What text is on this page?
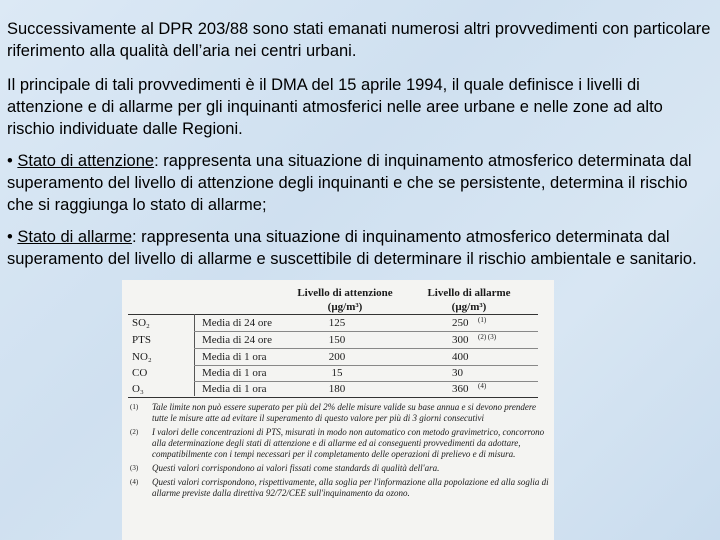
Successivamente al DPR 203/88 sono stati emanati numerosi altri provvedimenti con particolare riferimento alla qualità dell’aria nei centri urbani.
Il principale di tali provvedimenti è il DMA del 15 aprile 1994, il quale definisce i livelli di attenzione e di allarme per gli inquinanti atmosferici nelle aree urbane e nelle zone ad alto rischio individuate dalle Regioni.
• Stato di attenzione: rappresenta una situazione di inquinamento atmosferico determinata dal superamento del livello di attenzione degli inquinanti e che se persistente, determina il rischio che si raggiunga lo stato di allarme;
• Stato di allarme: rappresenta una situazione di inquinamento atmosferico determinata dal superamento del livello di allarme e suscettibile di determinare il rischio ambientale e sanitario.
Livello di attenzione
(µg/m³)
Livello di allarme
(µg/m³)
SO₂	Media di 24 ore	125	250 (1)
PTS	Media di 24 ore	150	300 (2) (3)
NO₂	Media di 1 ora	200	400
CO	Media di 1 ora	15	30
O₃	Media di 1 ora	180	360 (4)
(1) Tale limite non può essere superato per più del 2% delle misure valide su base annua e si devono prendere tutte le misure atte ad evitare il superamento di questo valore per più di 3 giorni consecutivi
(2) I valori delle concentrazioni di PTS, misurati in modo non automatico con metodo gravimetrico, concorrono alla determinazione degli stati di attenzione e di allarme ed ai conseguenti provvedimenti da adottare, compatibilmente con i tempi necessari per il completamento delle operazioni di prelievo e di misura.
(3) Questi valori corrispondono ai valori fissati come standards di qualità dell'ara.
(4) Questi valori corrispondono, rispettivamente, alla soglia per l'informazione alla popolazione ed alla soglia di allarme previste dalla direttiva 92/72/CEE sull'inquinamento da ozono.
